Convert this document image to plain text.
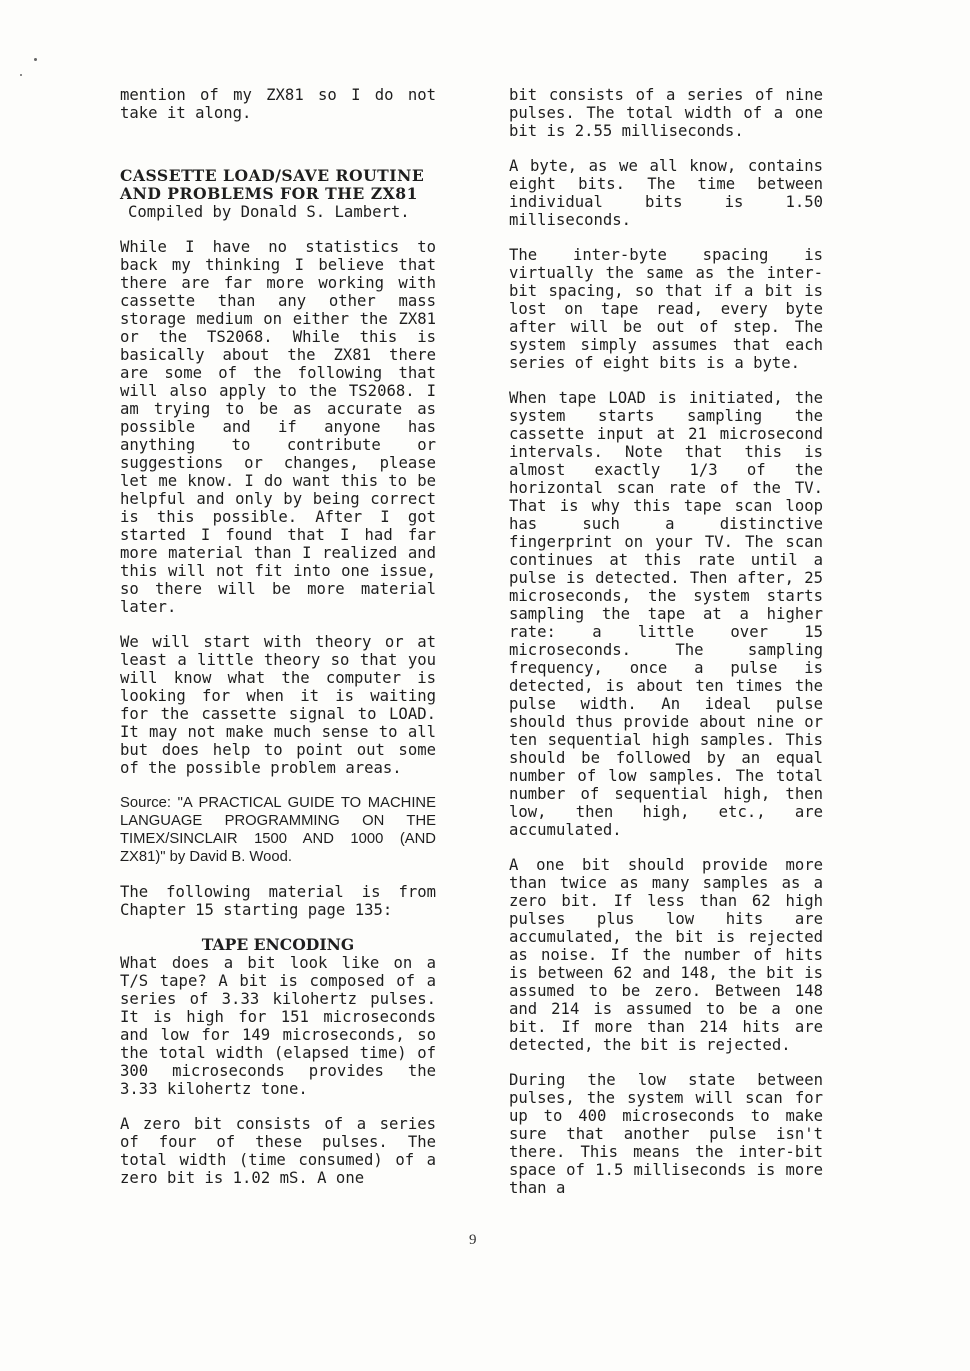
mention of my ZX81 so I do not take it along.

CASSETTE LOAD/SAVE ROUTINE

AND PROBLEMS FOR THE ZX81

Compiled by Donald S. Lambert.

While I have no statistics to back my thinking I believe that there are far more working with cassette than any other mass storage medium on either the ZX81 or the TS2068. While this is basically about the ZX81 there are some of the following that will also apply to the TS2068. I am trying to be as accurate as possible and if anyone has anything to contribute or suggestions or changes, please let me know. I do want this to be helpful and only by being correct is this possible. After I got started I found that I had far more material than I realized and this will not fit into one issue, so there will be more material later.

We will start with theory or at least a little theory so that you will know what the computer is looking for when it is waiting for the cassette signal to LOAD. It may not make much sense to all but does help to point out some of the possible problem areas.

Source: "A PRACTICAL GUIDE TO MACHINE LANGUAGE PROGRAMMING ON THE TIMEX/SINCLAIR 1500 AND 1000 (AND ZX81)" by David B. Wood.

The following material is from Chapter 15 starting page 135:

TAPE ENCODING

What does a bit look like on a T/S tape? A bit is composed of a series of 3.33 kilohertz pulses. It is high for 151 microseconds and low for 149 microseconds, so the total width (elapsed time) of 300 microseconds provides the 3.33 kilohertz tone.

A zero bit consists of a series of four of these pulses. The total width (time consumed) of a zero bit is 1.02 mS. A one

bit consists of a series of nine pulses. The total width of a one bit is 2.55 milliseconds.

A byte, as we all know, contains eight bits. The time between individual bits is 1.50 milliseconds.

The inter-byte spacing is virtually the same as the inter-bit spacing, so that if a bit is lost on tape read, every byte after will be out of step. The system simply assumes that each series of eight bits is a byte.

When tape LOAD is initiated, the system starts sampling the cassette input at 21 microsecond intervals. Note that this is almost exactly 1/3 of the horizontal scan rate of the TV. That is why this tape scan loop has such a distinctive fingerprint on your TV. The scan continues at this rate until a pulse is detected. Then after, 25 microseconds, the system starts sampling the tape at a higher rate: a little over 15 microseconds. The sampling frequency, once a pulse is detected, is about ten times the pulse width. An ideal pulse should thus provide about nine or ten sequential high samples. This should be followed by an equal number of low samples. The total number of sequential high, then low, then high, etc., are accumulated.

A one bit should provide more than twice as many samples as a zero bit. If less than 62 high pulses plus low hits are accumulated, the bit is rejected as noise. If the number of hits is between 62 and 148, the bit is assumed to be zero. Between 148 and 214 is assumed to be a one bit. If more than 214 hits are detected, the bit is rejected.

During the low state between pulses, the system will scan for up to 400 microseconds to make sure that another pulse isn't there. This means the inter-bit space of 1.5 milliseconds is more than a

9
